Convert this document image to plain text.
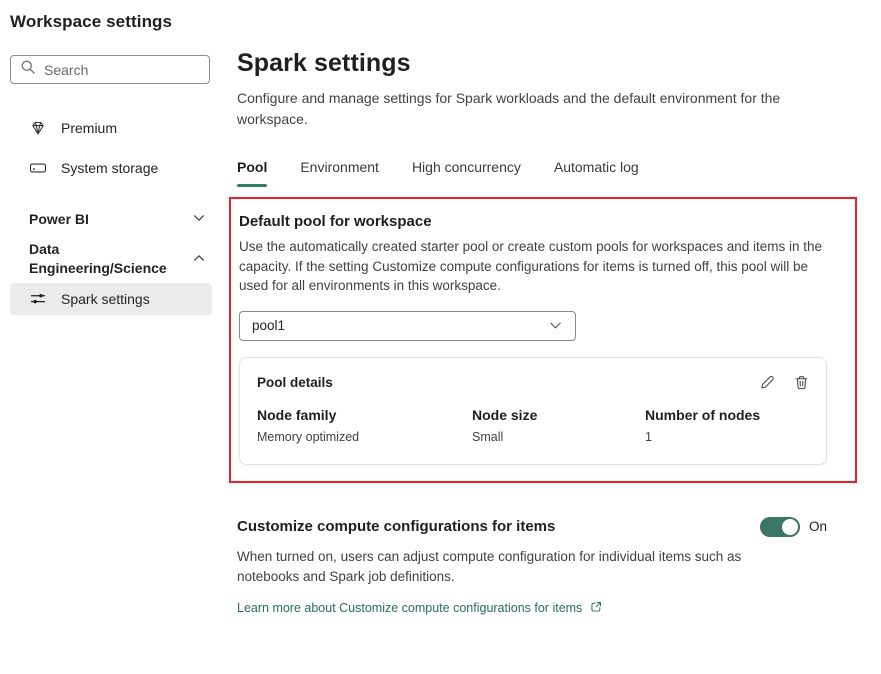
Workspace settings
Search
Premium
System storage
Power BI
Data Engineering/Science
Spark settings
Spark settings

Configure and manage settings for Spark workloads and the default environment for the workspace.

Pool Environment High concurrency Automatic log
Default pool for workspace

Use the automatically created starter pool or create custom pools for workspaces and items in the capacity. If the setting Customize compute configurations for items is turned off, this pool will be used for all environments in this workspace.

pool1
Pool details
Node family
Memory optimized
Node size
Small
Number of nodes
1
Customize compute configurations for items	On

When turned on, users can adjust compute configuration for individual items such as notebooks and Spark job definitions.

Learn more about Customize compute configurations for items
